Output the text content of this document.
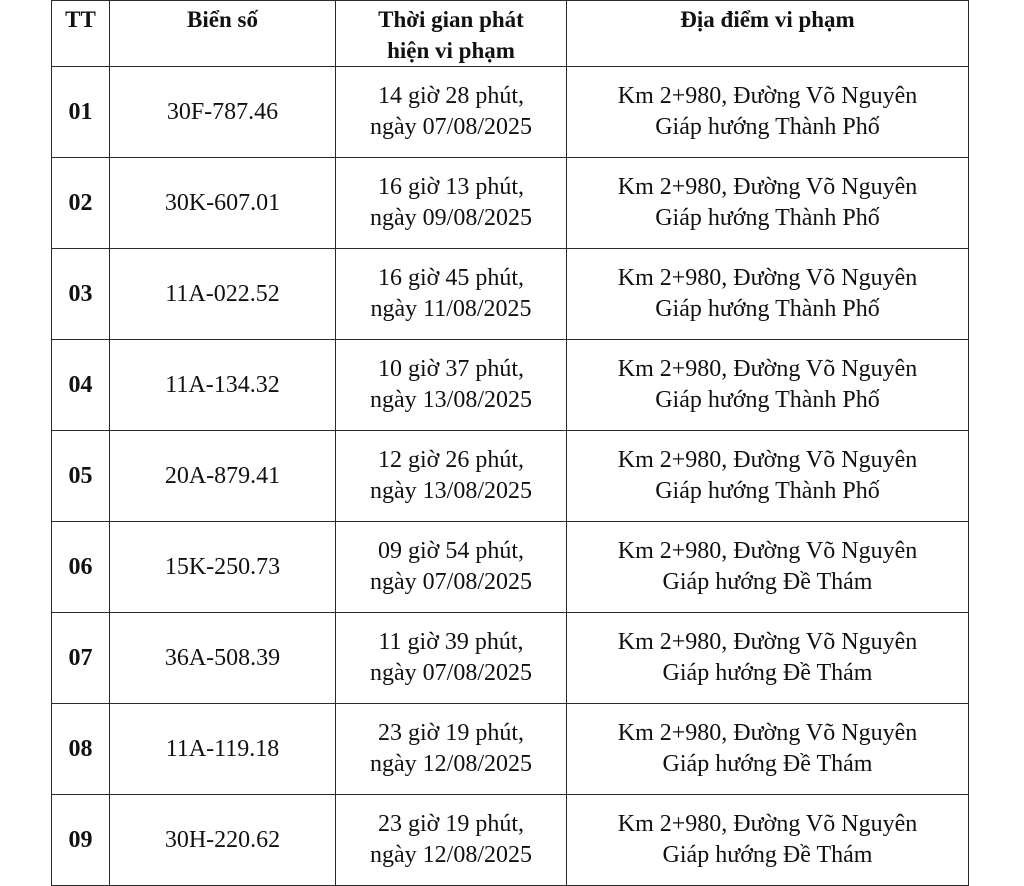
TT	Biển số	Thời gian phát
hiện vi phạm	Địa điểm vi phạm
01	30F-787.46	14 giờ 28 phút,
ngày 07/08/2025	Km 2+980, Đường Võ Nguyên
Giáp hướng Thành Phố

02	30K-607.01	16 giờ 13 phút,
ngày 09/08/2025	Km 2+980, Đường Võ Nguyên
Giáp hướng Thành Phố

03	11A-022.52	16 giờ 45 phút,
ngày 11/08/2025	Km 2+980, Đường Võ Nguyên
Giáp hướng Thành Phố

04	11A-134.32	10 giờ 37 phút,
ngày 13/08/2025	Km 2+980, Đường Võ Nguyên
Giáp hướng Thành Phố

05	20A-879.41	12 giờ 26 phút,
ngày 13/08/2025	Km 2+980, Đường Võ Nguyên
Giáp hướng Thành Phố

06	15K-250.73	09 giờ 54 phút,
ngày 07/08/2025	Km 2+980, Đường Võ Nguyên
Giáp hướng Đề Thám

07	36A-508.39	11 giờ 39 phút,
ngày 07/08/2025	Km 2+980, Đường Võ Nguyên
Giáp hướng Đề Thám

08	11A-119.18	23 giờ 19 phút,
ngày 12/08/2025	Km 2+980, Đường Võ Nguyên
Giáp hướng Đề Thám

09	30H-220.62	23 giờ 19 phút,
ngày 12/08/2025	Km 2+980, Đường Võ Nguyên
Giáp hướng Đề Thám
